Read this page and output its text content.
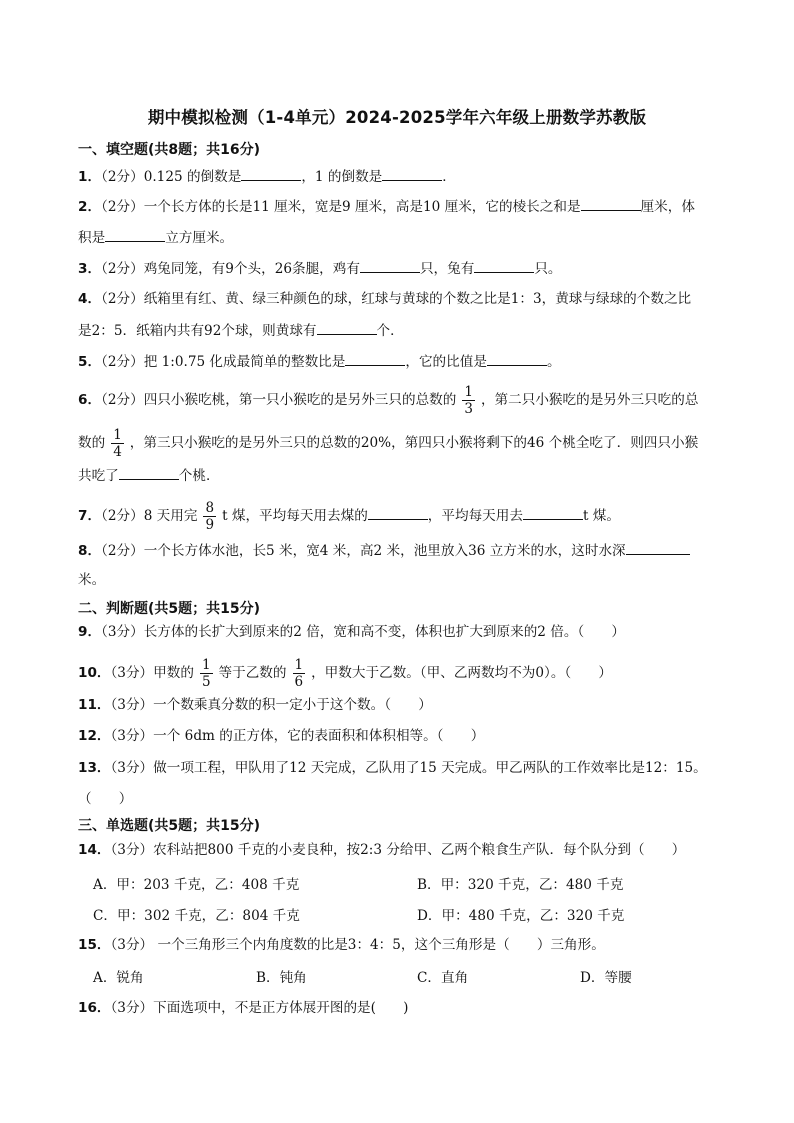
期中模拟检测（1-4单元）2024-2025学年六年级上册数学苏教版
一、填空题(共8题；共16分)
1．（2分）0.125 的倒数是	，1 的倒数是	．
2．（2分）一个长方体的长是11 厘米，宽是9 厘米，高是10 厘米，它的棱长之和是	厘米，体
积是	立方厘米。
3．（2分）鸡兔同笼，有9个头，26条腿，鸡有	只，兔有	只。
4．（2分）纸箱里有红、黄、绿三种颜色的球，红球与黄球的个数之比是1：3，黄球与绿球的个数之比
是2：5．纸箱内共有92个球，则黄球有	个．
5．（2分）把 1:0.75 化成最简单的整数比是	，它的比值是	。
6．（2分）四只小猴吃桃，第一只小猴吃的是另外三只的总数的 $\frac{1}{3}$ ，第二只小猴吃的是另外三只吃的总
数的 $\frac{1}{4}$ ，第三只小猴吃的是另外三只的总数的20%，第四只小猴将剩下的46 个桃全吃了．则四只小猴
共吃了	个桃．
7．（2分）8 天用完 $\frac{8}{9}$ t 煤，平均每天用去煤的	，平均每天用去	t 煤。
8．（2分）一个长方体水池，长5 米，宽4 米，高2 米，池里放入36 立方米的水，这时水深
米。
二、判断题(共5题；共15分)
9．（3分）长方体的长扩大到原来的2 倍，宽和高不变，体积也扩大到原来的2 倍。（　　）
10．（3分）甲数的 $\frac{1}{5}$ 等于乙数的 $\frac{1}{6}$ ，甲数大于乙数。（甲、乙两数均不为0）。（　　）
11．（3分）一个数乘真分数的积一定小于这个数。（　　）
12．（3分）一个 6dm 的正方体，它的表面积和体积相等。（　　）
13．（3分）做一项工程，甲队用了12 天完成，乙队用了15 天完成。甲乙两队的工作效率比是12：15。
（　　）
三、单选题(共5题；共15分)
14．（3分）农科站把800 千克的小麦良种，按2:3 分给甲、乙两个粮食生产队．每个队分到（　　）
A．甲：203 千克，乙：408 千克	B．甲：320 千克，乙：480 千克
C．甲：302 千克，乙：804 千克	D．甲：480 千克，乙：320 千克
15．（3分） 一个三角形三个内角度数的比是3：4：5，这个三角形是（　　）三角形。
A．锐角	B．钝角	C．直角	D．等腰
16．（3分）下面选项中，不是正方体展开图的是(　　)
